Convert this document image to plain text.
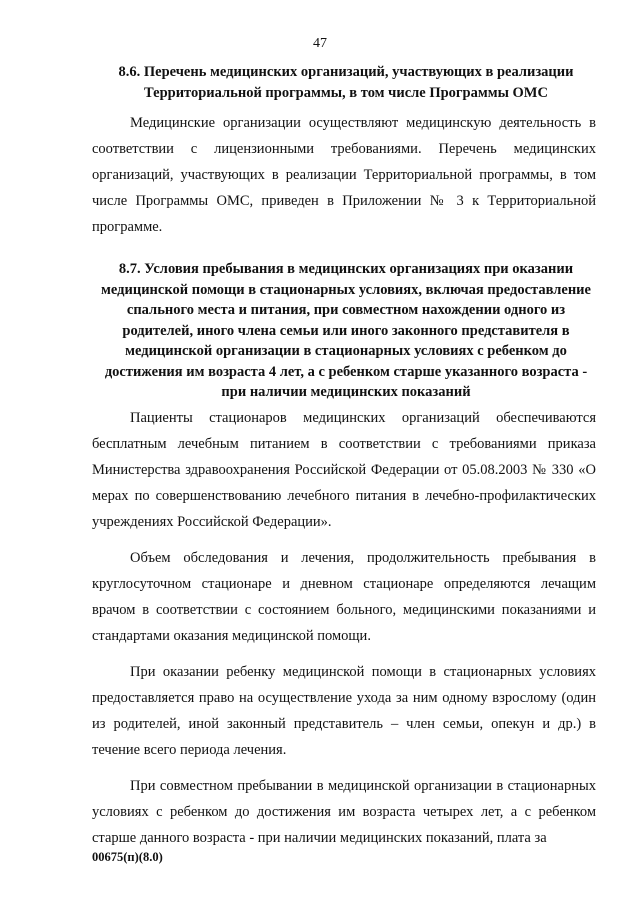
47
8.6. Перечень медицинских организаций, участвующих в реализации Территориальной программы, в том числе Программы ОМС

Медицинские организации осуществляют медицинскую деятельность в соответствии с лицензионными требованиями. Перечень медицинских организаций, участвующих в реализации Территориальной программы, в том числе Программы ОМС, приведен в Приложении № 3 к Территориальной программе.

8.7. Условия пребывания в медицинских организациях при оказании медицинской помощи в стационарных условиях, включая предоставление спального места и питания, при совместном нахождении одного из родителей, иного члена семьи или иного законного представителя в медицинской организации в стационарных условиях с ребенком до достижения им возраста 4 лет, а с ребенком старше указанного возраста - при наличии медицинских показаний

Пациенты стационаров медицинских организаций обеспечиваются бесплатным лечебным питанием в соответствии с требованиями приказа Министерства здравоохранения Российской Федерации от 05.08.2003 № 330 «О мерах по совершенствованию лечебного питания в лечебно-профилактических учреждениях Российской Федерации».

Объем обследования и лечения, продолжительность пребывания в круглосуточном стационаре и дневном стационаре определяются лечащим врачом в соответствии с состоянием больного, медицинскими показаниями и стандартами оказания медицинской помощи.

При оказании ребенку медицинской помощи в стационарных условиях предоставляется право на осуществление ухода за ним одному взрослому (один из родителей, иной законный представитель – член семьи, опекун и др.) в течение всего периода лечения.

При совместном пребывании в медицинской организации в стационарных условиях с ребенком до достижения им возраста четырех лет, а с ребенком старше данного возраста - при наличии медицинских показаний, плата за

00675(п)(8.0)
